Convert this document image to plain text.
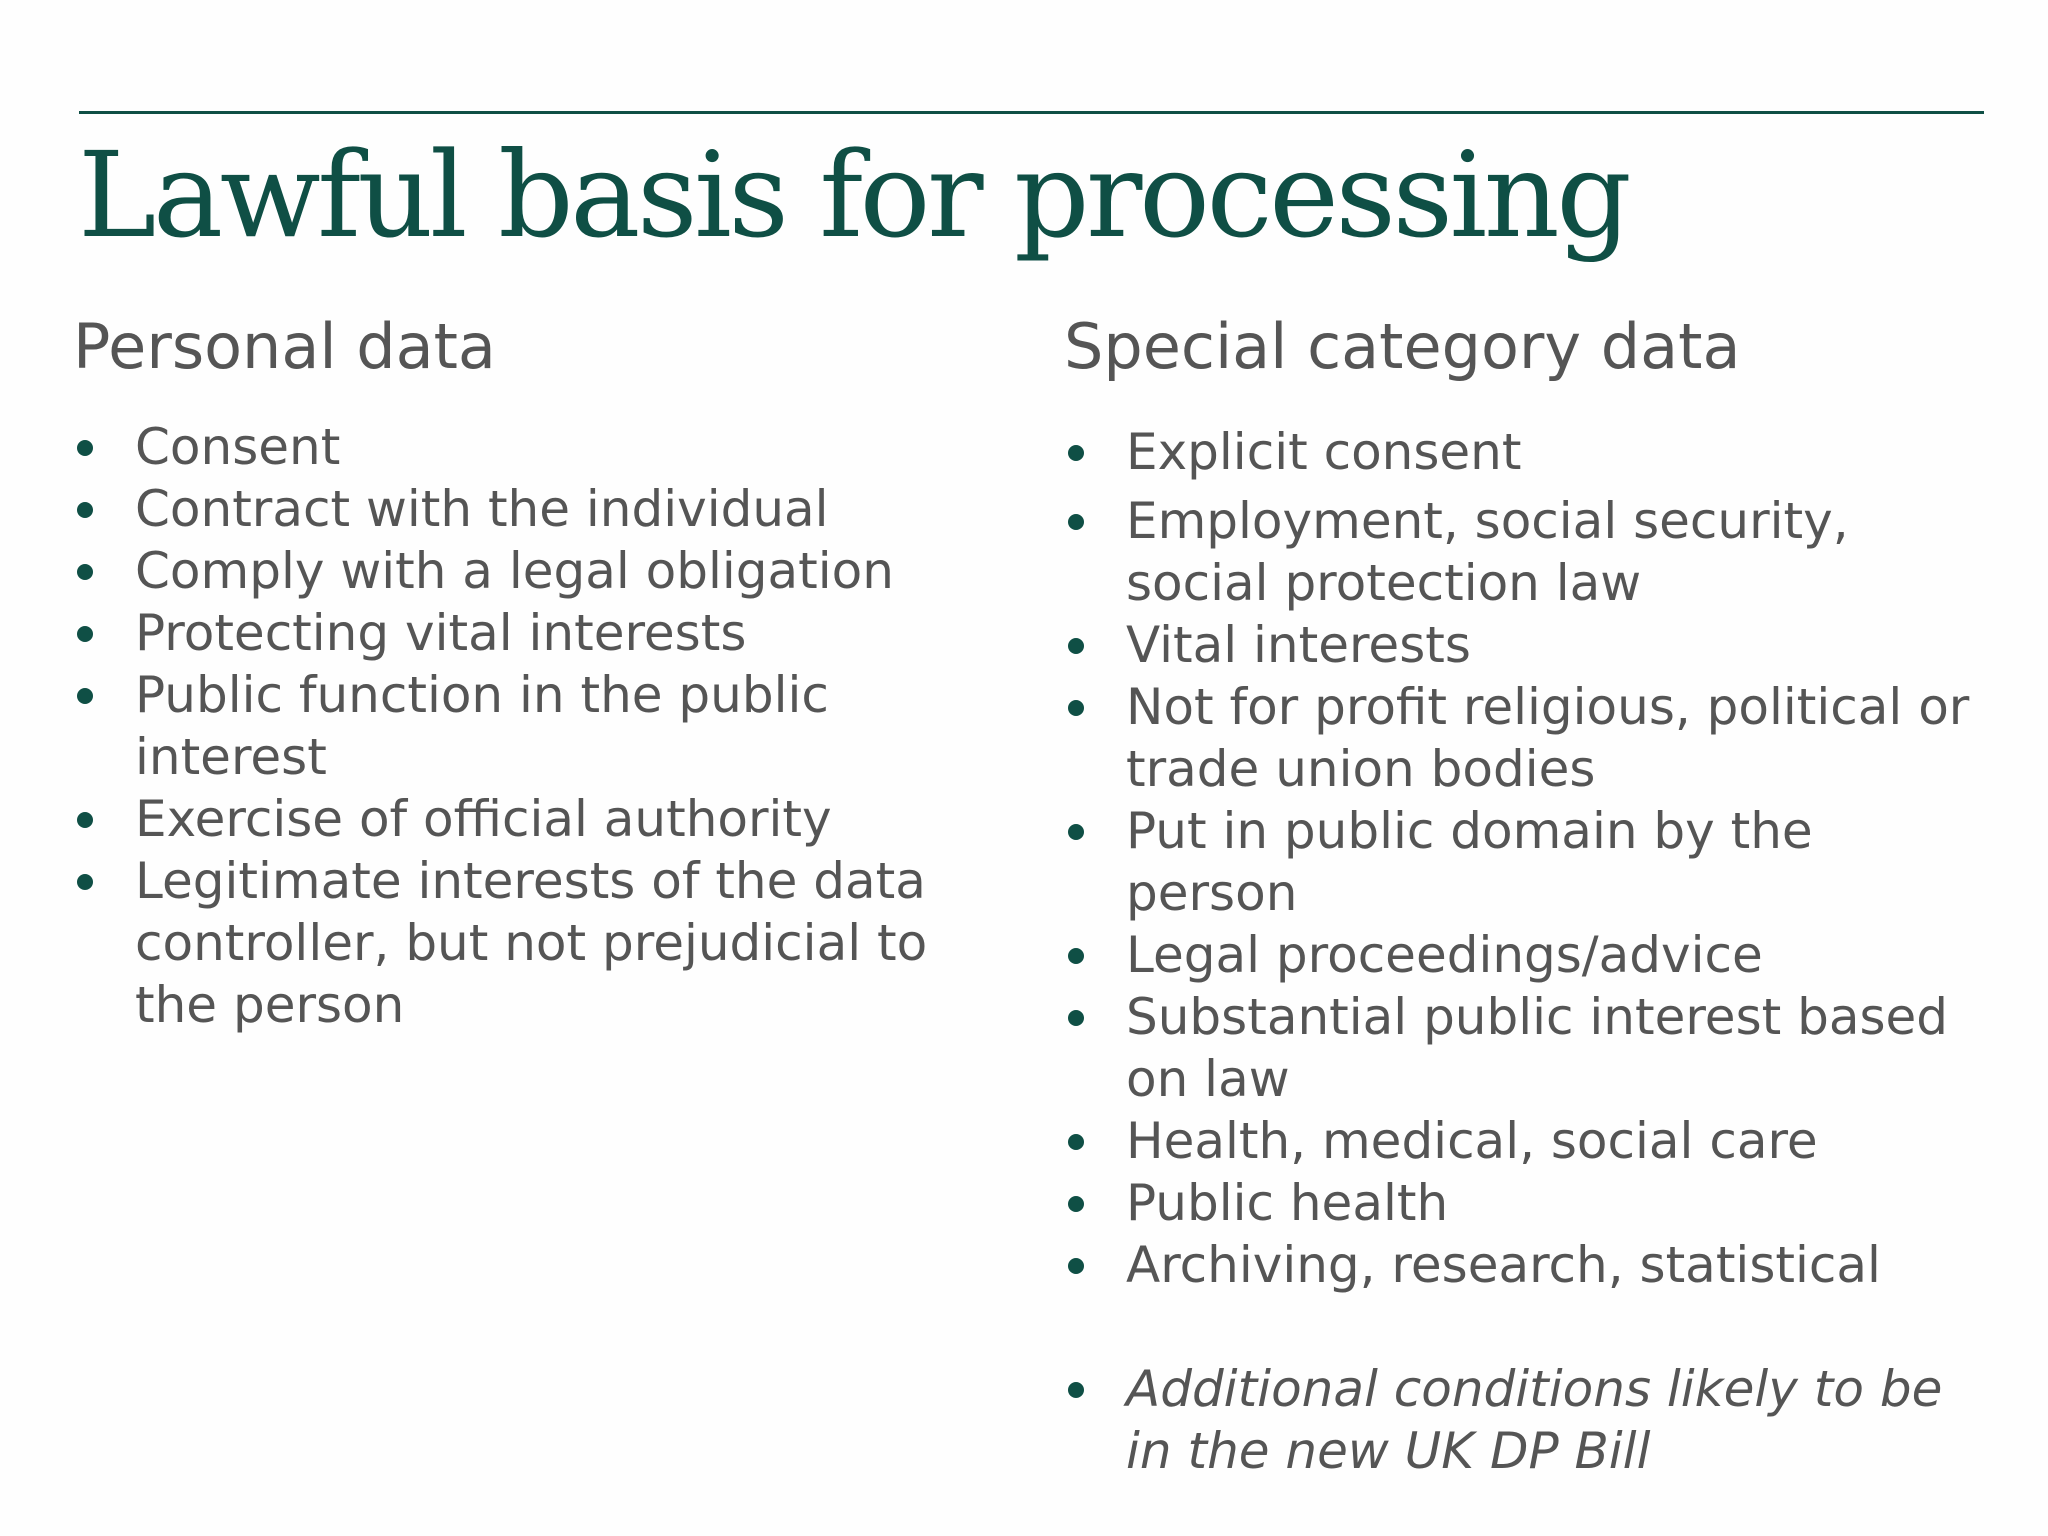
Lawful basis for processing
Personal data
Consent
Contract with the individual
Comply with a legal obligation
Protecting vital interests
Public function in the public interest
Exercise of official authority
Legitimate interests of the data controller, but not prejudicial to the person
Special category data
Explicit consent
Employment, social security, social protection law
Vital interests
Not for profit religious, political or trade union bodies
Put in public domain by the person
Legal proceedings/advice
Substantial public interest based on law
Health, medical, social care
Public health
Archiving, research, statistical
Additional conditions likely to be in the new UK DP Bill
